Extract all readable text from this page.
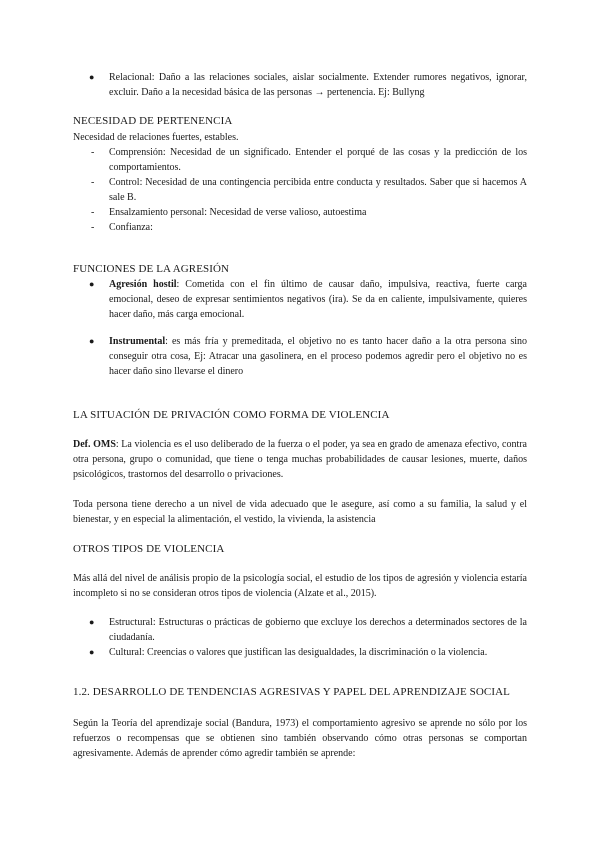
● Relacional: Daño a las relaciones sociales, aislar socialmente. Extender rumores negativos, ignorar, excluir. Daño a la necesidad básica de las personas → pertenencia. Ej: Bullyng
NECESIDAD DE PERTENENCIA

Necesidad de relaciones fuertes, estables.

- Comprensión: Necesidad de un significado. Entender el porqué de las cosas y la predicción de los comportamientos.
- Control: Necesidad de una contingencia percibida entre conducta y resultados. Saber que si hacemos A sale B.
- Ensalzamiento personal: Necesidad de verse valioso, autoestima
- Confianza:
FUNCIONES DE LA AGRESIÓN
● Agresión hostil: Cometida con el fin último de causar daño, impulsiva, reactiva, fuerte carga emocional, deseo de expresar sentimientos negativos (ira). Se da en caliente, impulsivamente, quieres hacer daño, más carga emocional.
● Instrumental: es más fría y premeditada, el objetivo no es tanto hacer daño a la otra persona sino conseguir otra cosa, Ej: Atracar una gasolinera, en el proceso podemos agredir pero el objetivo no es hacer daño sino llevarse el dinero
LA SITUACIÓN DE PRIVACIÓN COMO FORMA DE VIOLENCIA

Def. OMS: La violencia es el uso deliberado de la fuerza o el poder, ya sea en grado de amenaza efectivo, contra otra persona, grupo o comunidad, que tiene o tenga muchas probabilidades de causar lesiones, muerte, daños psicológicos, trastornos del desarrollo o privaciones.

Toda persona tiene derecho a un nivel de vida adecuado que le asegure, así como a su familia, la salud y el bienestar, y en especial la alimentación, el vestido, la vivienda, la asistencia

OTROS TIPOS DE VIOLENCIA

Más allá del nivel de análisis propio de la psicología social, el estudio de los tipos de agresión y violencia estaría incompleto si no se consideran otros tipos de violencia (Alzate et al., 2015).

● Estructural: Estructuras o prácticas de gobierno que excluye los derechos a determinados sectores de la ciudadanía.
● Cultural: Creencias o valores que justifican las desigualdades, la discriminación o la violencia.
1.2. DESARROLLO DE TENDENCIAS AGRESIVAS Y PAPEL DEL APRENDIZAJE SOCIAL

Según la Teoría del aprendizaje social (Bandura, 1973) el comportamiento agresivo se aprende no sólo por los refuerzos o recompensas que se obtienen sino también observando cómo otras personas se comportan agresivamente. Además de aprender cómo agredir también se aprende:
